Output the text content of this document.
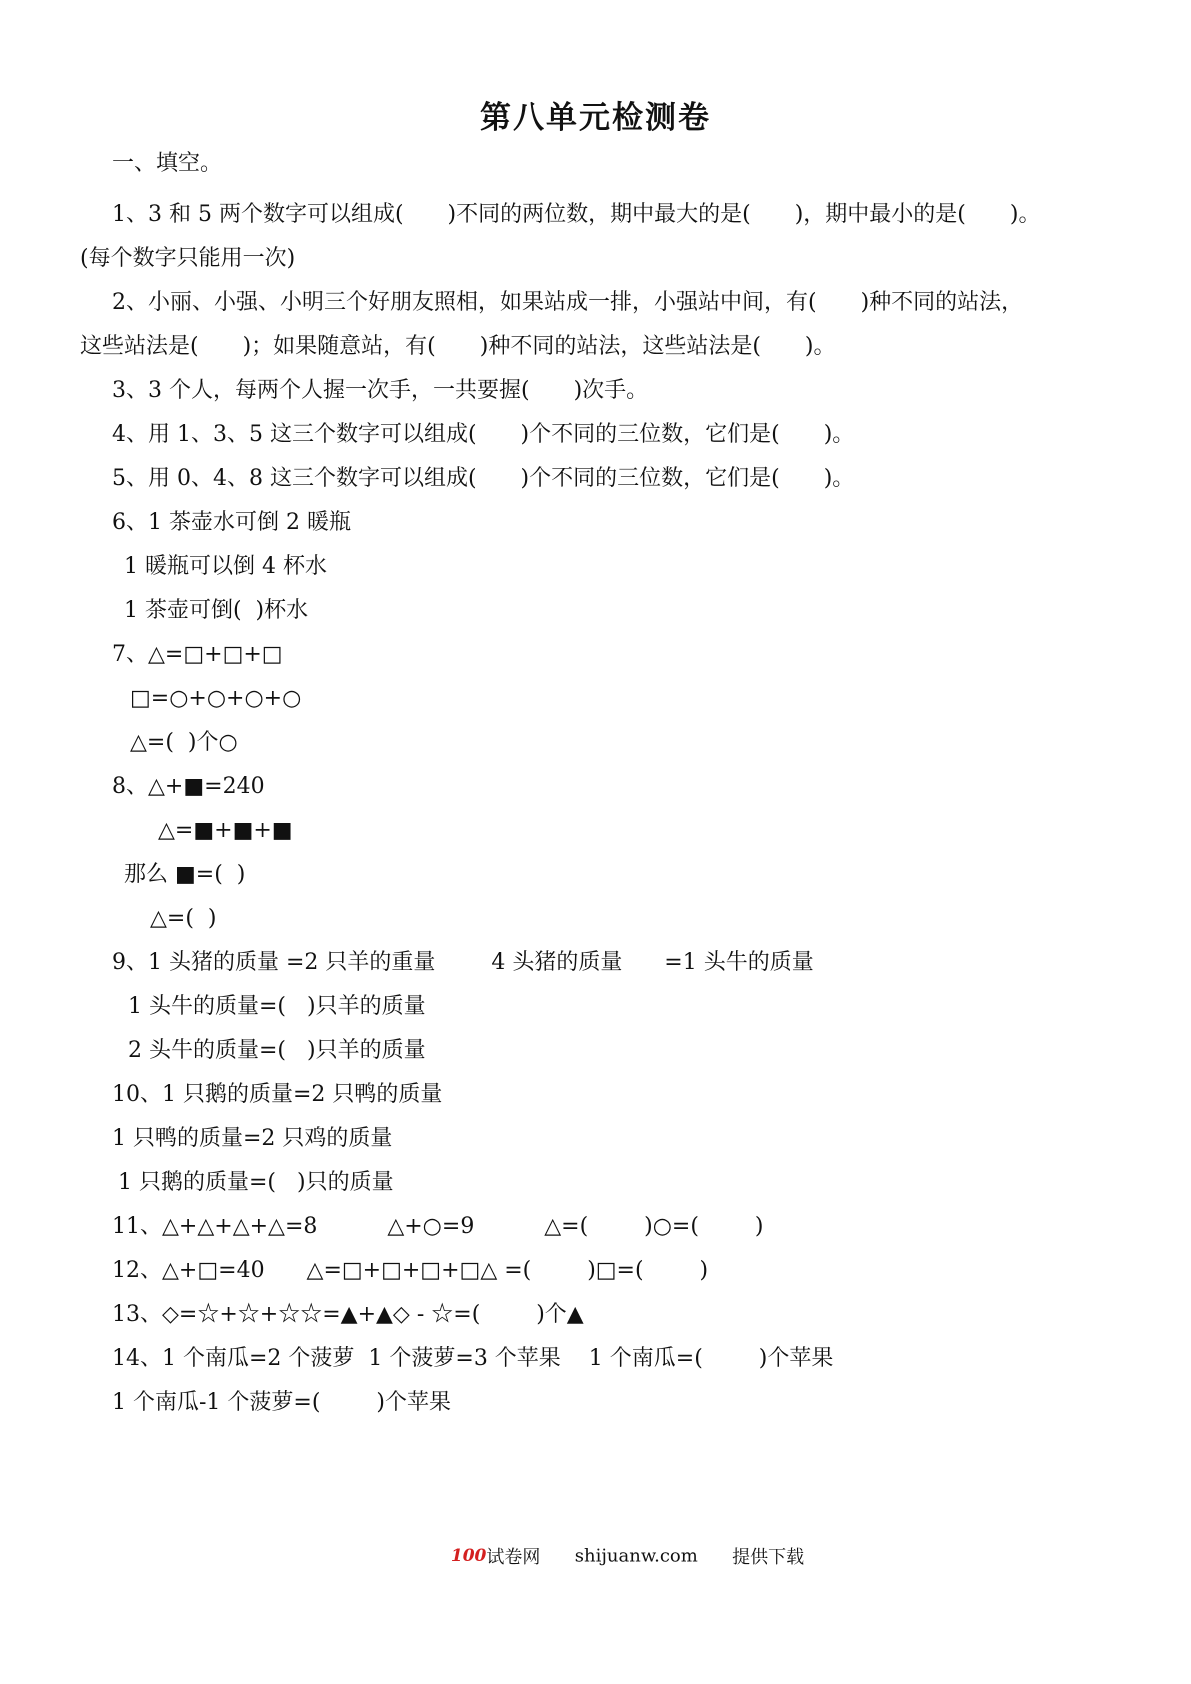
第八单元检测卷
一、填空。
1、3 和 5 两个数字可以组成(　　)不同的两位数，期中最大的是(　　)，期中最小的是(　　)。
(每个数字只能用一次)
2、小丽、小强、小明三个好朋友照相，如果站成一排，小强站中间，有(　　)种不同的站法，
这些站法是(　　)；如果随意站，有(　　)种不同的站法，这些站法是(　　)。
3、3 个人，每两个人握一次手，一共要握(　　)次手。
4、用 1、3、5 这三个数字可以组成(　　)个不同的三位数，它们是(　　)。
5、用 0、4、8 这三个数字可以组成(　　)个不同的三位数，它们是(　　)。
6、1 茶壶水可倒 2 暖瓶
1 暖瓶可以倒 4 杯水
1 茶壶可倒(  )杯水
7、△=□+□+□
□=○+○+○+○
△=(  )个○
8、△+■=240
△=■+■+■
那么 ■=(  )
△=(  )
9、1 头猪的质量 =2 只羊的重量        4 头猪的质量      =1 头牛的质量
1 头牛的质量=(   )只羊的质量
2 头牛的质量=(   )只羊的质量
10、1 只鹅的质量=2 只鸭的质量
1 只鸭的质量=2 只鸡的质量
1 只鹅的质量=(   )只的质量
11、△+△+△+△=8          △+○=9          △=(        )○=(        )
12、△+□=40      △=□+□+□+□△ =(        )□=(        )
13、◇=☆+☆+☆☆=▲+▲◇ - ☆=(        )个▲
14、1 个南瓜=2 个菠萝  1 个菠萝=3 个苹果    1 个南瓜=(        )个苹果
1 个南瓜-1 个菠萝=(        )个苹果

100试卷网 shijuanw.com 提供下载
